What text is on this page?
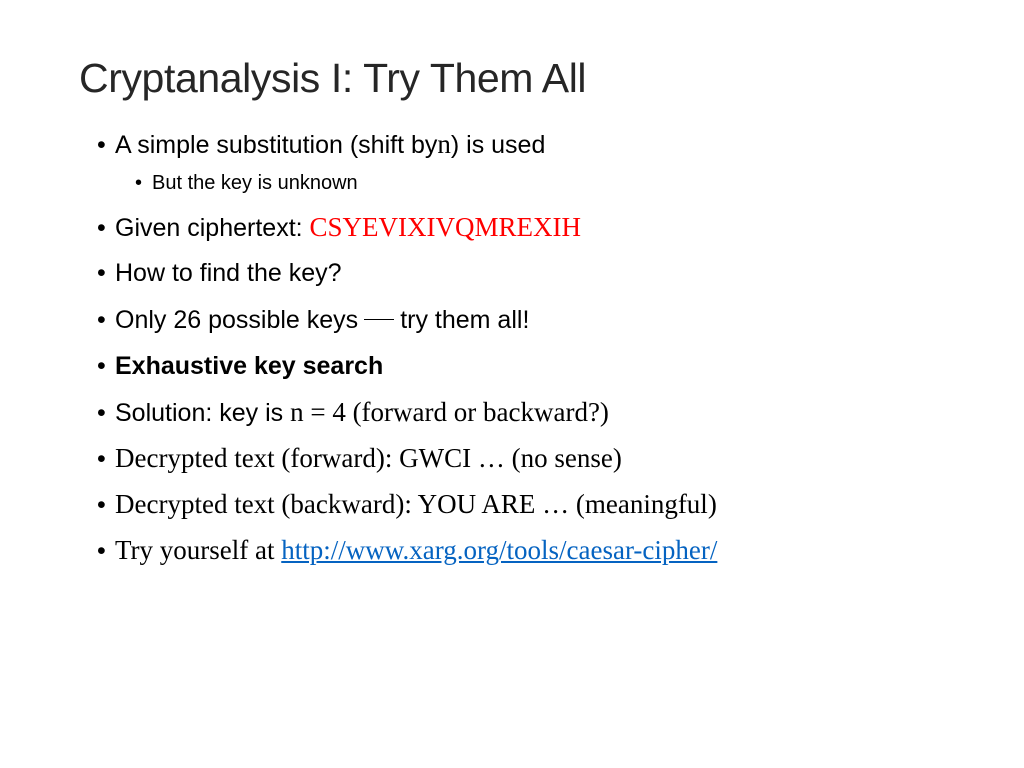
Cryptanalysis I: Try Them All
• A simple substitution (shift by n ) is used
• But the key is unknown
• Given ciphertext: CSYEVIXIVQMREXIH
• How to find the key?
• Only 26 possible keys try them all!
• Exhaustive key search
• Solution: key is n = 4 (forward or backward?)
• Decrypted text (forward): GWCI … (no sense)
• Decrypted text (backward): YOU ARE … (meaningful)
• Try yourself at http://www.xarg.org/tools/caesar-cipher/
